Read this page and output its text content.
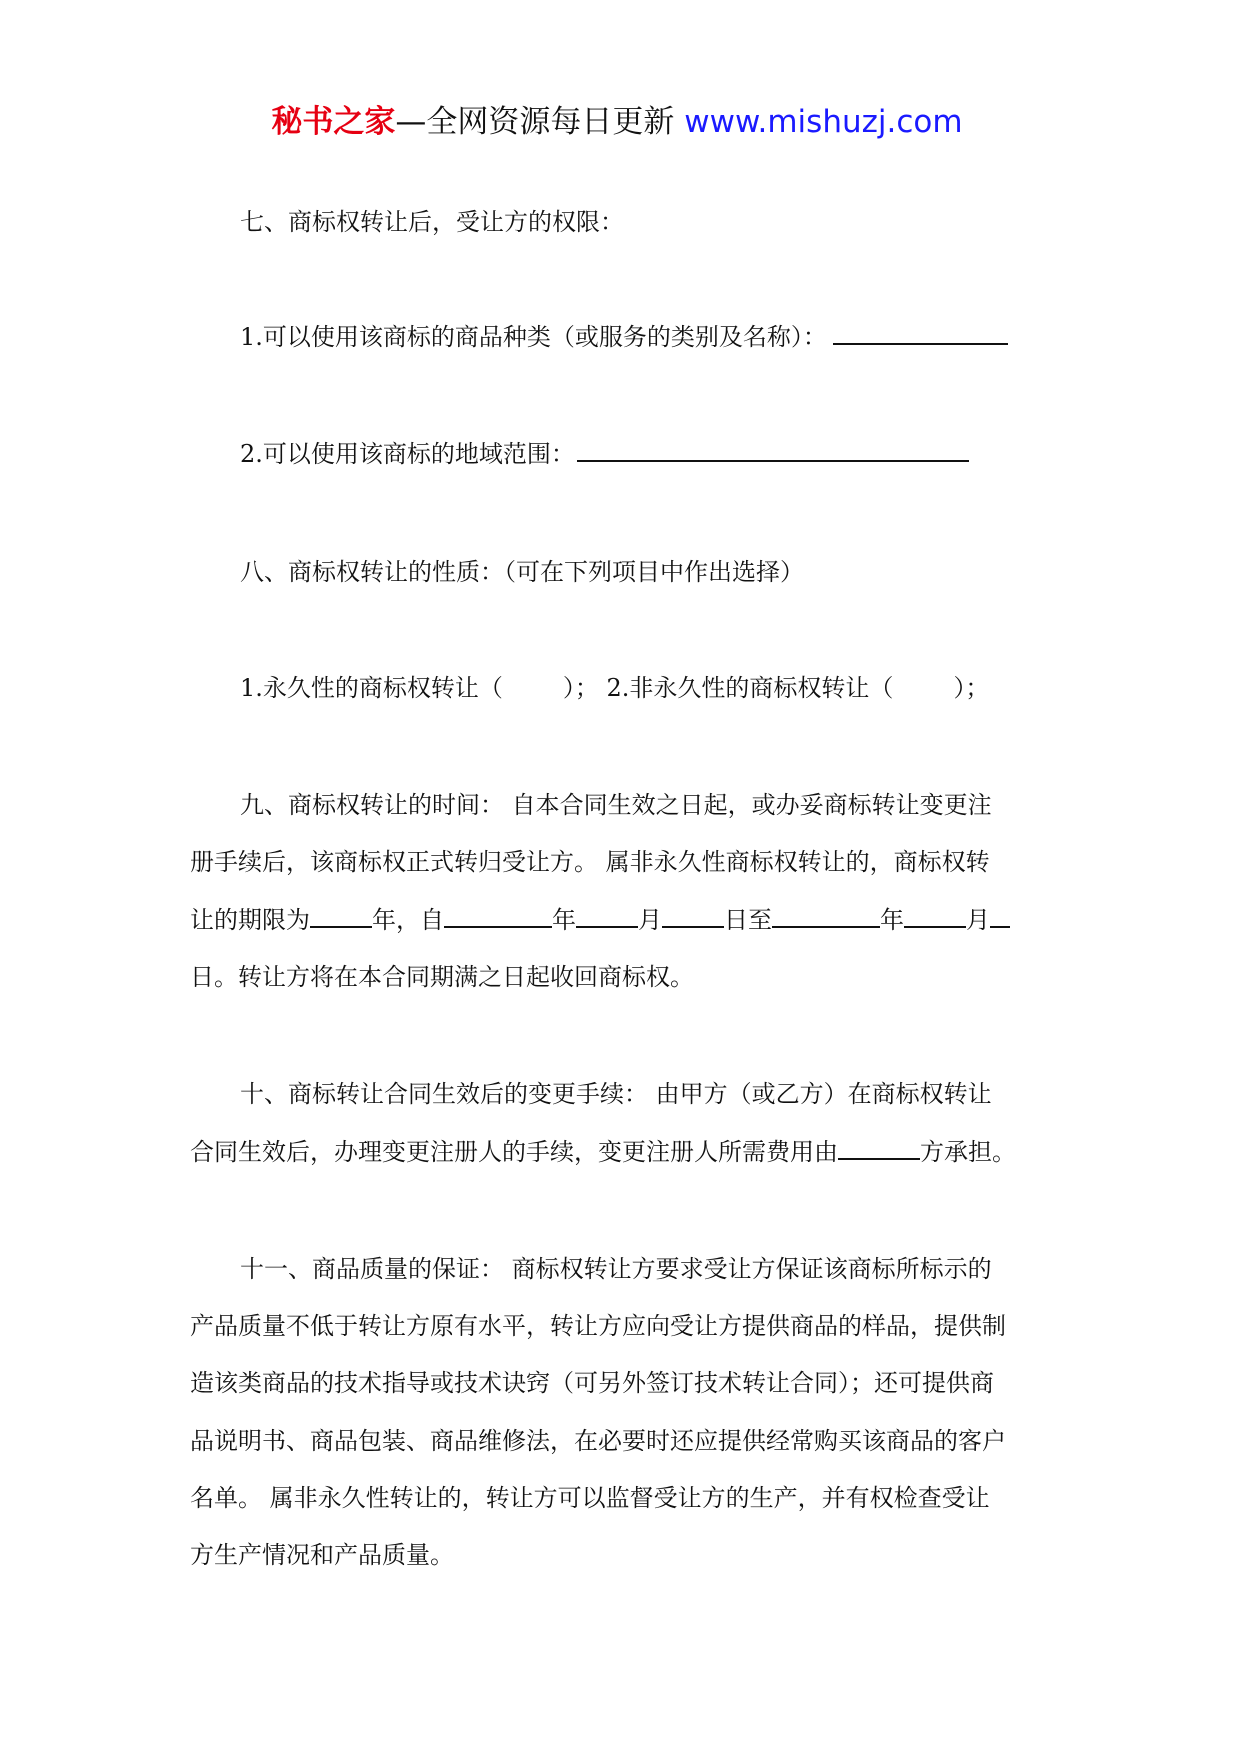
秘书之家—全网资源每日更新 www.mishuzj.com
七、商标权转让后，受让方的权限：
1.可以使用该商标的商品种类（或服务的类别及名称）：
2.可以使用该商标的地域范围：
八、商标权转让的性质：（可在下列项目中作出选择）
1.永久性的商标权转让（	）； 2.非永久性的商标权转让（	）；
九、商标权转让的时间： 自本合同生效之日起，或办妥商标转让变更注
册手续后，该商标权正式转归受让方。 属非永久性商标权转让的，商标权转
让的期限为	年，自	年	月	日至	年	月
日。转让方将在本合同期满之日起收回商标权。
十、商标转让合同生效后的变更手续： 由甲方（或乙方）在商标权转让
合同生效后，办理变更注册人的手续，变更注册人所需费用由	方承担。
十一、商品质量的保证： 商标权转让方要求受让方保证该商标所标示的
产品质量不低于转让方原有水平，转让方应向受让方提供商品的样品，提供制
造该类商品的技术指导或技术诀窍（可另外签订技术转让合同）；还可提供商
品说明书、商品包装、商品维修法，在必要时还应提供经常购买该商品的客户
名单。 属非永久性转让的，转让方可以监督受让方的生产，并有权检查受让
方生产情况和产品质量。
